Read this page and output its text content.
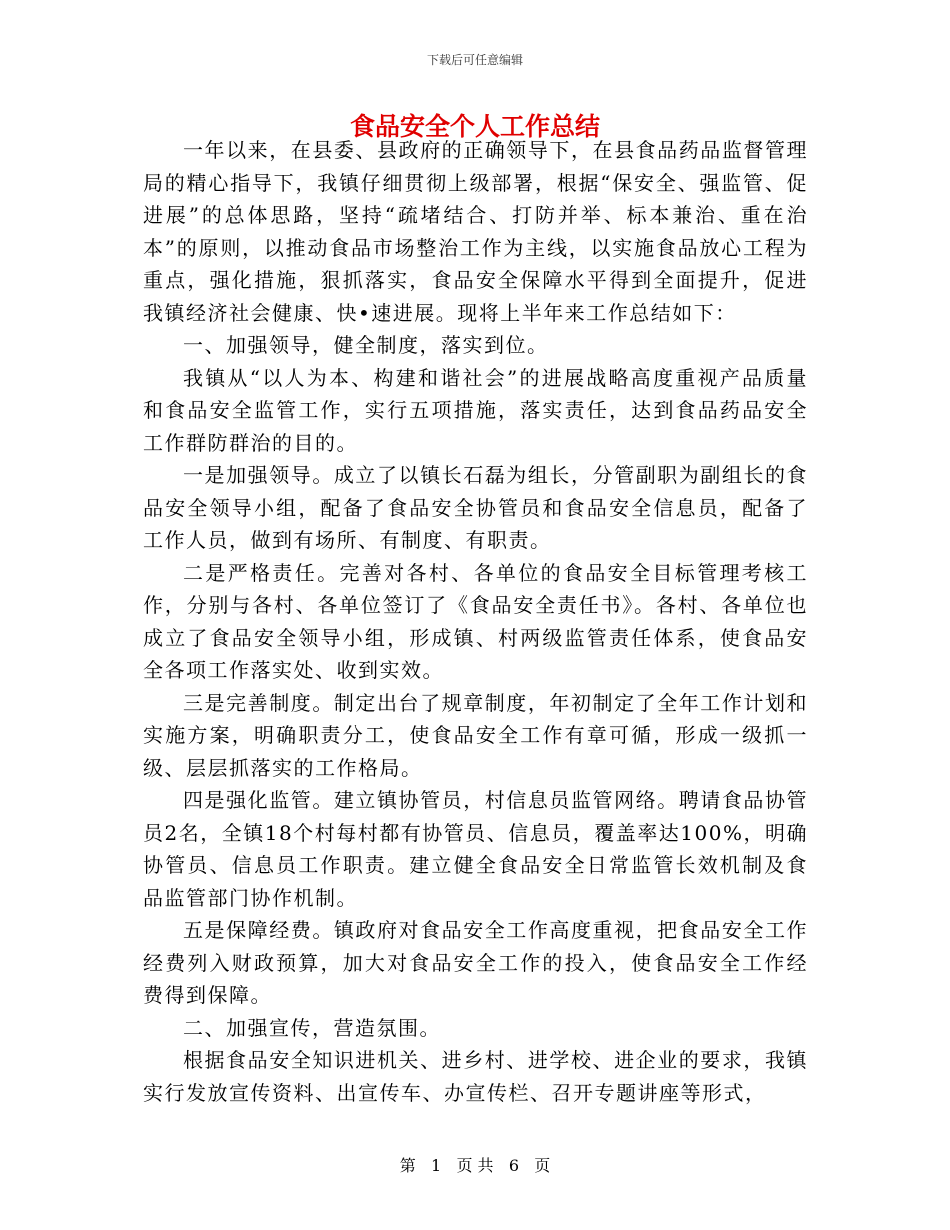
下载后可任意编辑
食品安全个人工作总结

一年以来，在县委、县政府的正确领导下，在县食品药品监督管理局的精心指导下，我镇仔细贯彻上级部署，根据“保安全、强监管、促进展”的总体思路，坚持“疏堵结合、打防并举、标本兼治、重在治本”的原则，以推动食品市场整治工作为主线，以实施食品放心工程为重点，强化措施，狠抓落实，食品安全保障水平得到全面提升，促进我镇经济社会健康、快•速进展。现将上半年来工作总结如下：

一、加强领导，健全制度，落实到位。

我镇从“以人为本、构建和谐社会”的进展战略高度重视产品质量和食品安全监管工作，实行五项措施，落实责任，达到食品药品安全工作群防群治的目的。

一是加强领导。成立了以镇长石磊为组长，分管副职为副组长的食品安全领导小组，配备了食品安全协管员和食品安全信息员，配备了工作人员，做到有场所、有制度、有职责。

二是严格责任。完善对各村、各单位的食品安全目标管理考核工作，分别与各村、各单位签订了《食品安全责任书》。各村、各单位也成立了食品安全领导小组，形成镇、村两级监管责任体系，使食品安全各项工作落实处、收到实效。

三是完善制度。制定出台了规章制度，年初制定了全年工作计划和实施方案，明确职责分工，使食品安全工作有章可循，形成一级抓一级、层层抓落实的工作格局。

四是强化监管。建立镇协管员，村信息员监管网络。聘请食品协管员2名，全镇18个村每村都有协管员、信息员，覆盖率达100%，明确协管员、信息员工作职责。建立健全食品安全日常监管长效机制及食品监管部门协作机制。

五是保障经费。镇政府对食品安全工作高度重视，把食品安全工作经费列入财政预算，加大对食品安全工作的投入，使食品安全工作经费得到保障。

二、加强宣传，营造氛围。

根据食品安全知识进机关、进乡村、进学校、进企业的要求，我镇实行发放宣传资料、出宣传车、办宣传栏、召开专题讲座等形式，

第 1 页 共 6 页
